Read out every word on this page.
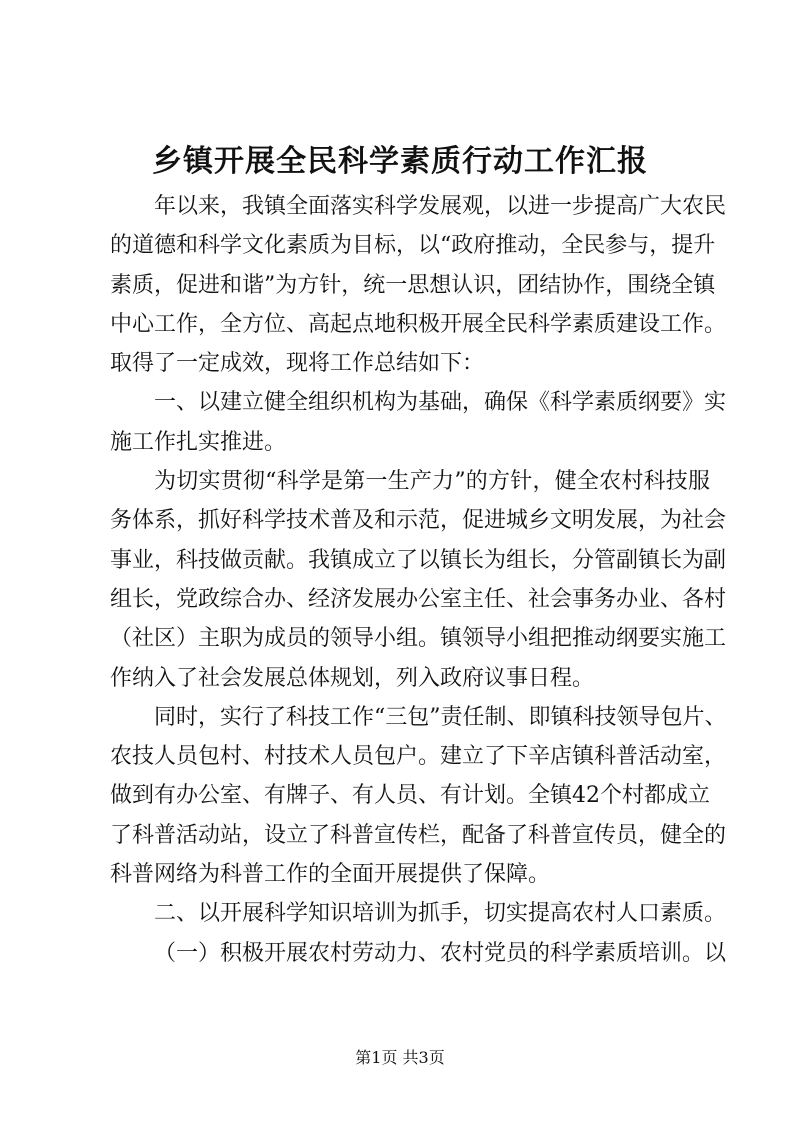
乡镇开展全民科学素质行动工作汇报
年以来，我镇全面落实科学发展观，以进一步提高广大农民
的道德和科学文化素质为目标，以“政府推动，全民参与，提升
素质，促进和谐”为方针，统一思想认识，团结协作，围绕全镇
中心工作，全方位、高起点地积极开展全民科学素质建设工作。
取得了一定成效，现将工作总结如下：
一、以建立健全组织机构为基础，确保《科学素质纲要》实
施工作扎实推进。
为切实贯彻“科学是第一生产力”的方针，健全农村科技服
务体系，抓好科学技术普及和示范，促进城乡文明发展，为社会
事业，科技做贡献。我镇成立了以镇长为组长，分管副镇长为副
组长，党政综合办、经济发展办公室主任、社会事务办业、各村
（社区）主职为成员的领导小组。镇领导小组把推动纲要实施工
作纳入了社会发展总体规划，列入政府议事日程。
同时，实行了科技工作“三包”责任制、即镇科技领导包片、
农技人员包村、村技术人员包户。建立了下辛店镇科普活动室，
做到有办公室、有牌子、有人员、有计划。全镇42个村都成立
了科普活动站，设立了科普宣传栏，配备了科普宣传员，健全的
科普网络为科普工作的全面开展提供了保障。
二、以开展科学知识培训为抓手，切实提高农村人口素质。
（一）积极开展农村劳动力、农村党员的科学素质培训。以
第1页 共3页
